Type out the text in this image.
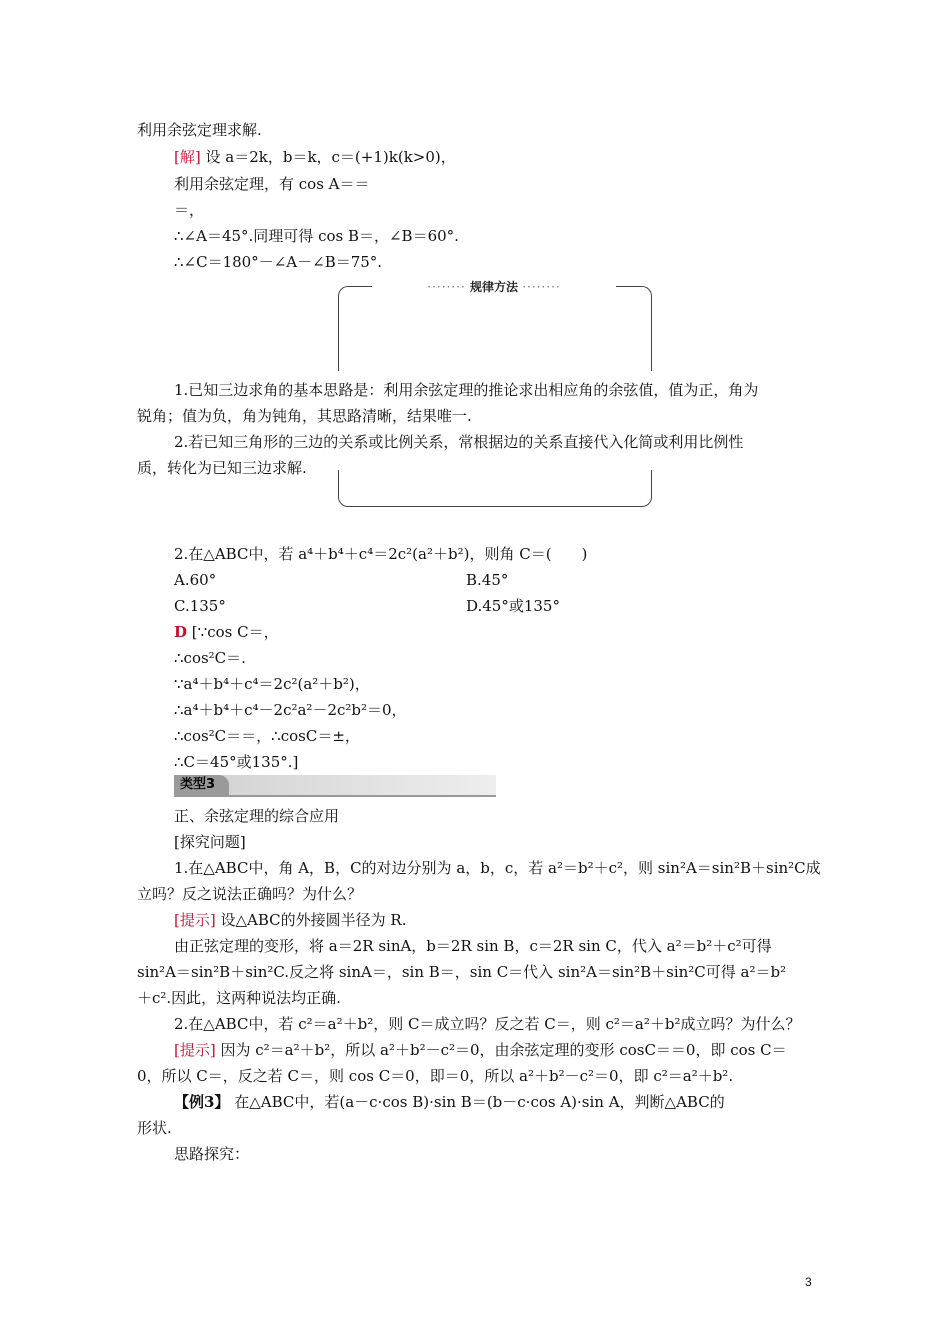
利用余弦定理求解.
[解] 设 a＝2k，b＝k，c＝(+1)k(k>0)，
利用余弦定理，有 cos A＝＝
＝，
∴∠A＝45°.同理可得 cos B＝，∠B＝60°.
∴∠C＝180°－∠A－∠B＝75°.
········ 规律方法 ········
1.已知三边求角的基本思路是：利用余弦定理的推论求出相应角的余弦值，值为正，角为
锐角；值为负，角为钝角，其思路清晰，结果唯一.
2.若已知三角形的三边的关系或比例关系，常根据边的关系直接代入化简或利用比例性
质，转化为已知三边求解.
2.在△ABC中，若 a⁴＋b⁴＋c⁴＝2c²(a²＋b²)，则角 C＝(　　)
A.60°	B.45°
C.135°	D.45°或135°
D [∵cos C＝，
∴cos²C＝.
∵a⁴＋b⁴＋c⁴＝2c²(a²＋b²)，
∴a⁴＋b⁴＋c⁴－2c²a²－2c²b²＝0，
∴cos²C＝＝，∴cosC＝±，
∴C＝45°或135°.]
类型3
正、余弦定理的综合应用
[探究问题]
1.在△ABC中，角 A，B，C的对边分别为 a，b，c，若 a²＝b²＋c²，则 sin²A＝sin²B＋sin²C成
立吗？反之说法正确吗？为什么？
[提示] 设△ABC的外接圆半径为 R.
由正弦定理的变形，将 a＝2R sinA，b＝2R sin B，c＝2R sin C，代入 a²＝b²＋c²可得
sin²A＝sin²B＋sin²C.反之将 sinA＝，sin B＝，sin C＝代入 sin²A＝sin²B＋sin²C可得 a²＝b²
＋c².因此，这两种说法均正确.
2.在△ABC中，若 c²＝a²＋b²，则 C＝成立吗？反之若 C＝，则 c²＝a²＋b²成立吗？为什么？
[提示] 因为 c²＝a²＋b²，所以 a²＋b²－c²＝0，由余弦定理的变形 cosC＝＝0，即 cos C＝
0，所以 C＝，反之若 C＝，则 cos C＝0，即＝0，所以 a²＋b²－c²＝0，即 c²＝a²＋b².
【例3】 在△ABC中，若(a－c·cos B)·sin B＝(b－c·cos A)·sin A，判断△ABC的
形状.
思路探究：
3
